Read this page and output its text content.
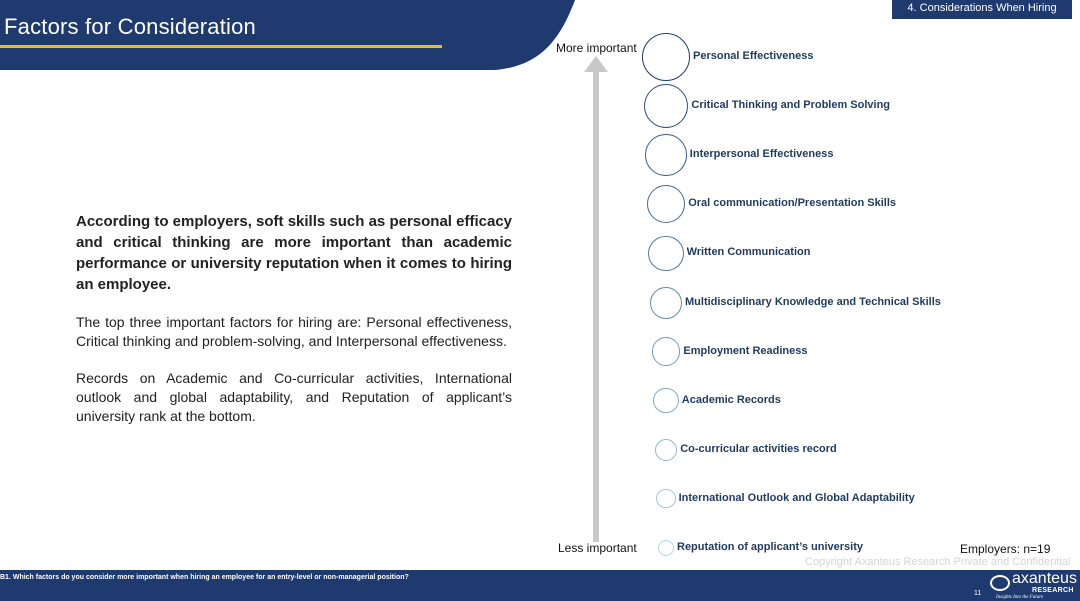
Factors for Consideration
4. Considerations When Hiring

According to employers, soft skills such as personal efficacy and critical thinking are more important than academic performance or university reputation when it comes to hiring an employee.

The top three important factors for hiring are: Personal effectiveness, Critical thinking and problem-solving, and Interpersonal effectiveness.

Records on Academic and Co-curricular activities, International outlook and global adaptability, and Reputation of applicant’s university rank at the bottom.

More important
Less important
Personal Effectiveness
Critical Thinking and Problem Solving
Interpersonal Effectiveness
Oral communication/Presentation Skills
Written Communication
Multidisciplinary Knowledge and Technical Skills
Employment Readiness
Academic Records
Co-curricular activities record
International Outlook and Global Adaptability
Reputation of applicant’s university	Employers: n=19
Copyright Axanteus Research Private and Confidential
B1. Which factors do you consider more important when hiring an employee for an entry-level or non-managerial position?	axanteus
RESEARCH
Insights Into the Future
11
